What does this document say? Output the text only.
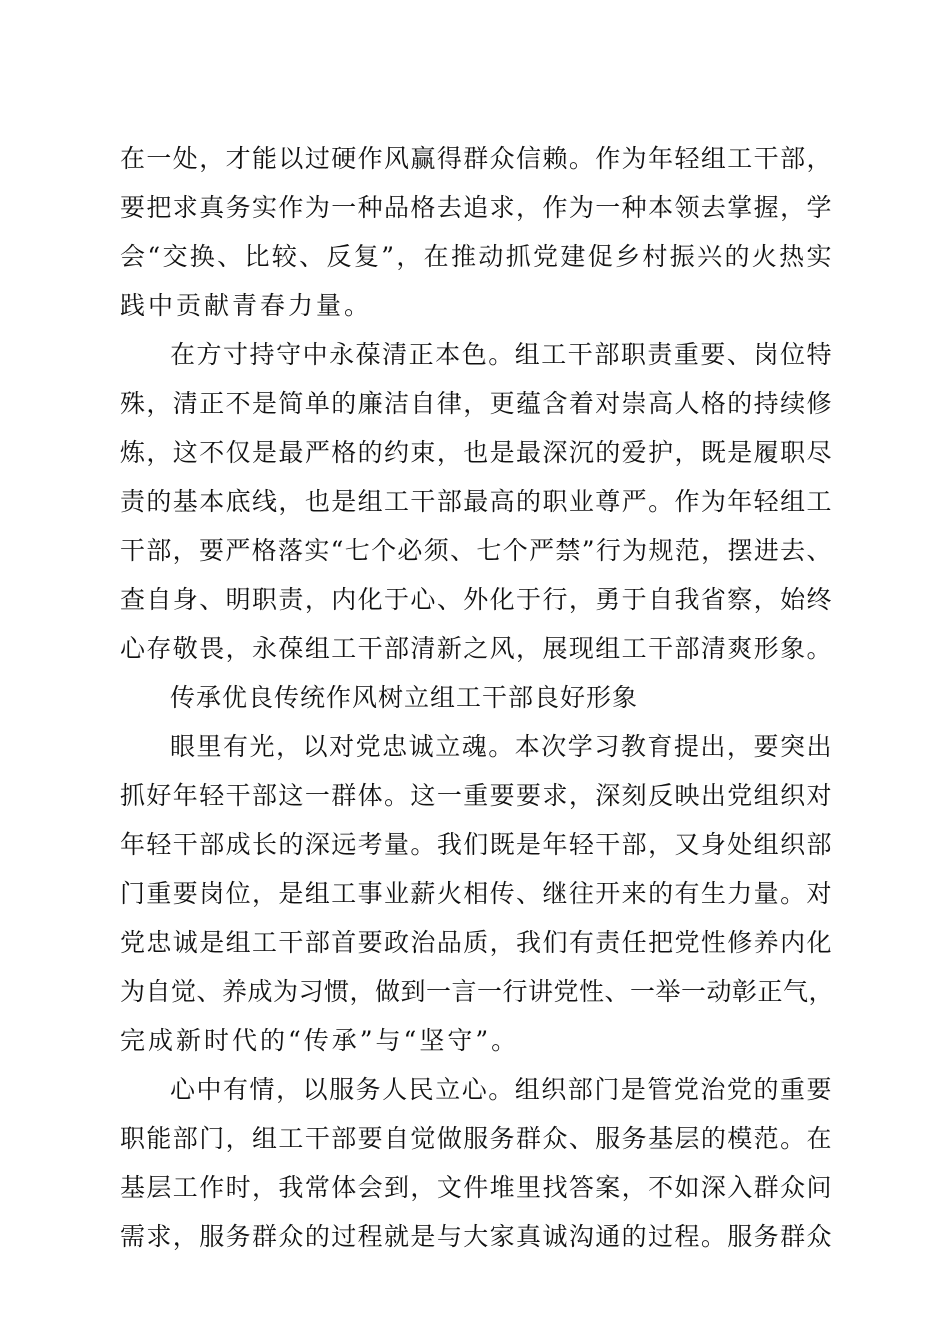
在一处，才能以过硬作风赢得群众信赖。作为年轻组工干部，

要把求真务实作为一种品格去追求，作为一种本领去掌握，学

会“交换、比较、反复”，在推动抓党建促乡村振兴的火热实

践中贡献青春力量。

在方寸持守中永葆清正本色。组工干部职责重要、岗位特

殊，清正不是简单的廉洁自律，更蕴含着对崇高人格的持续修

炼，这不仅是最严格的约束，也是最深沉的爱护，既是履职尽

责的基本底线，也是组工干部最高的职业尊严。作为年轻组工

干部，要严格落实“七个必须、七个严禁”行为规范，摆进去、

查自身、明职责，内化于心、外化于行，勇于自我省察，始终

心存敬畏，永葆组工干部清新之风，展现组工干部清爽形象。

传承优良传统作风树立组工干部良好形象

眼里有光，以对党忠诚立魂。本次学习教育提出，要突出

抓好年轻干部这一群体。这一重要要求，深刻反映出党组织对

年轻干部成长的深远考量。我们既是年轻干部，又身处组织部

门重要岗位，是组工事业薪火相传、继往开来的有生力量。对

党忠诚是组工干部首要政治品质，我们有责任把党性修养内化

为自觉、养成为习惯，做到一言一行讲党性、一举一动彰正气，

完成新时代的“传承”与“坚守”。

心中有情，以服务人民立心。组织部门是管党治党的重要

职能部门，组工干部要自觉做服务群众、服务基层的模范。在

基层工作时，我常体会到，文件堆里找答案，不如深入群众问

需求，服务群众的过程就是与大家真诚沟通的过程。服务群众
